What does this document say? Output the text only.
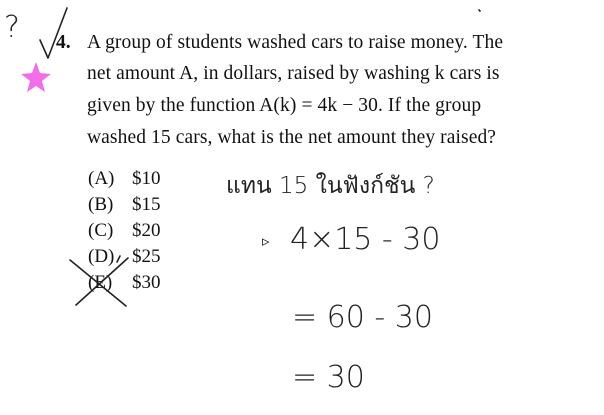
4. A group of students washed cars to raise money. The
net amount A, in dollars, raised by washing k cars is
given by the function A(k) = 4k − 30. If the group
washed 15 cars, what is the net amount they raised?
(A) $10
(B) $15
(C) $20
(D) $25
(E) $30
?
แทน 15 ในฟังก์ชัน ?
▹ 4×15 - 30
= 60 - 30
= 30
